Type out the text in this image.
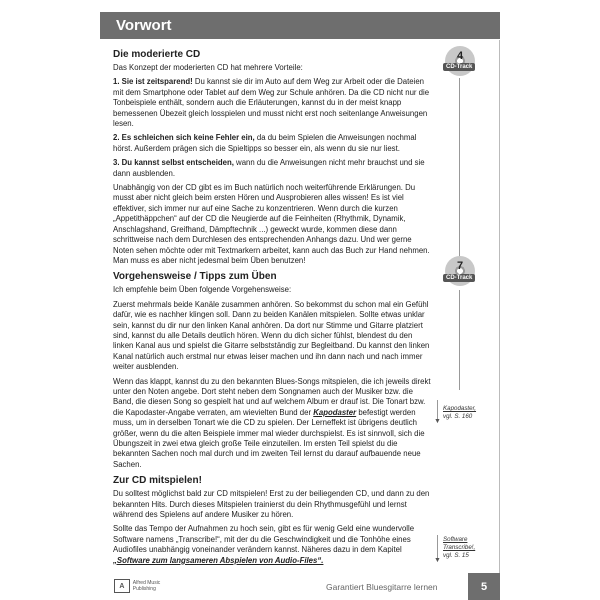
Vorwort
Die moderierte CD

Das Konzept der moderierten CD hat mehrere Vorteile:

1. Sie ist zeitsparend! Du kannst sie dir im Auto auf dem Weg zur Arbeit oder die Dateien mit dem Smartphone oder Tablet auf dem Weg zur Schule anhören. Da die CD nicht nur die Tonbeispiele enthält, sondern auch die Erläuterungen, kannst du in der meist knapp bemessenen Übezeit gleich losspielen und musst nicht erst noch seitenlange Anweisungen lesen.

2. Es schleichen sich keine Fehler ein, da du beim Spielen die Anweisungen nochmal hörst. Außerdem prägen sich die Spieltipps so besser ein, als wenn du sie nur liest.

3. Du kannst selbst entscheiden, wann du die Anweisungen nicht mehr brauchst und sie dann ausblenden.

Unabhängig von der CD gibt es im Buch natürlich noch weiterführende Erklärungen. Du musst aber nicht gleich beim ersten Hören und Ausprobieren alles wissen! Es ist viel effektiver, sich immer nur auf eine Sache zu konzentrieren. Wenn durch die kurzen „Appetithäppchen“ auf der CD die Neugierde auf die Feinheiten (Rhythmik, Dynamik, Anschlagshand, Greifhand, Dämpftechnik ...) geweckt wurde, kommen diese dann schrittweise nach dem Durchlesen des entsprechenden Anhangs dazu. Und wer gerne Noten sehen möchte oder mit Textmarkern arbeitet, kann auch das Buch zur Hand nehmen. Man muss es aber nicht jedesmal beim Üben benutzen!

Vorgehensweise / Tipps zum Üben

Ich empfehle beim Üben folgende Vorgehensweise:

Zuerst mehrmals beide Kanäle zusammen anhören. So bekommst du schon mal ein Gefühl dafür, wie es nachher klingen soll. Dann zu beiden Kanälen mitspielen. Sollte etwas unklar sein, kannst du dir nur den linken Kanal anhören. Da dort nur Stimme und Gitarre platziert sind, kannst du alle Details deutlich hören. Wenn du dich sicher fühlst, blendest du den linken Kanal aus und spielst die Gitarre selbstständig zur Begleitband. Du kannst den linken Kanal natürlich auch erstmal nur etwas leiser machen und ihn dann nach und nach immer weiter ausblenden.

Wenn das klappt, kannst du zu den bekannten Blues-Songs mitspielen, die ich jeweils direkt unter den Noten angebe. Dort steht neben dem Songnamen auch der Musiker bzw. die Band, die diesen Song so gespielt hat und auf welchem Album er drauf ist. Die Tonart bzw. die Kapodaster-Angabe verraten, am wievielten Bund der Kapodaster befestigt werden muss, um in derselben Tonart wie die CD zu spielen. Der Lerneffekt ist übrigens deutlich größer, wenn du die alten Beispiele immer mal wieder durchspielst. Es ist sinnvoll, sich die Übungszeit in zwei etwa gleich große Teile einzuteilen. Im ersten Teil spielst du die bekannten Sachen noch mal durch und im zweiten Teil lernst du darauf aufbauende neue Sachen.

Zur CD mitspielen!

Du solltest möglichst bald zur CD mitspielen! Erst zu der beiliegenden CD, und dann zu den bekannten Hits. Durch dieses Mitspielen trainierst du dein Rhythmusgefühl und lernst während des Spielens auf andere Musiker zu hören.

Sollte das Tempo der Aufnahmen zu hoch sein, gibt es für wenig Geld eine wundervolle Software namens „Transcribe!“, mit der du die Geschwindigkeit und die Tonhöhe eines Audiofiles unabhängig voneinander verändern kannst. Näheres dazu in dem Kapitel „Software zum langsameren Abspielen von Audio-Files“.

4
CD-Track
7
CD-Track
▼
Kapodaster,
vgl. S. 160
▼
Software
Transcribe!,
vgl. S. 15
A	Alfred Music Publishing	Garantiert Bluesgitarre lernen	5
